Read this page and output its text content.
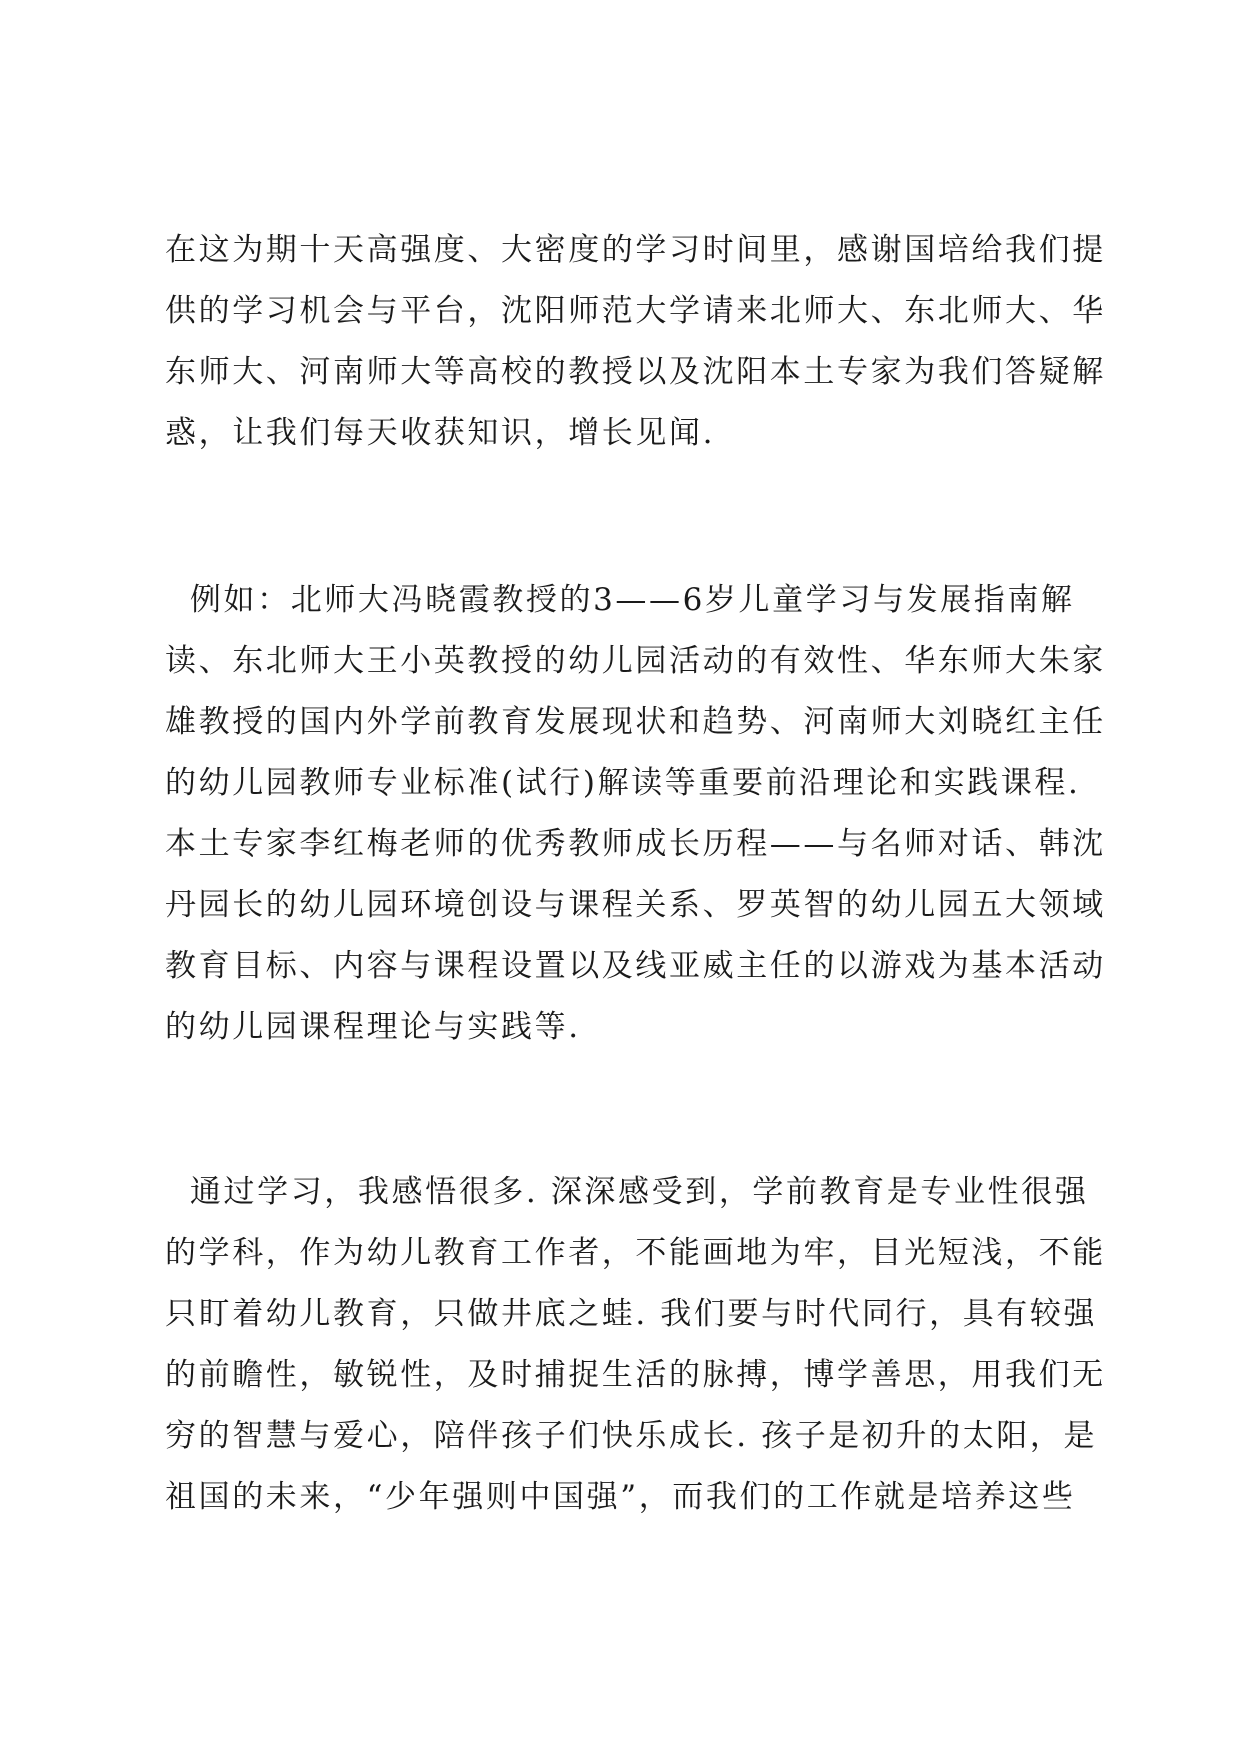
在这为期十天高强度、大密度的学习时间里，感谢国培给我们提
供的学习机会与平台，沈阳师范大学请来北师大、东北师大、华
东师大、河南师大等高校的教授以及沈阳本土专家为我们答疑解
惑，让我们每天收获知识，增长见闻.
例如：北师大冯晓霞教授的3——6岁儿童学习与发展指南解
读、东北师大王小英教授的幼儿园活动的有效性、华东师大朱家
雄教授的国内外学前教育发展现状和趋势、河南师大刘晓红主任
的幼儿园教师专业标准(试行)解读等重要前沿理论和实践课程.
本土专家李红梅老师的优秀教师成长历程——与名师对话、韩沈
丹园长的幼儿园环境创设与课程关系、罗英智的幼儿园五大领域
教育目标、内容与课程设置以及线亚威主任的以游戏为基本活动
的幼儿园课程理论与实践等.
通过学习，我感悟很多. 深深感受到，学前教育是专业性很强
的学科，作为幼儿教育工作者，不能画地为牢，目光短浅，不能
只盯着幼儿教育，只做井底之蛙. 我们要与时代同行，具有较强
的前瞻性，敏锐性，及时捕捉生活的脉搏，博学善思，用我们无
穷的智慧与爱心，陪伴孩子们快乐成长. 孩子是初升的太阳，是
祖国的未来，“少年强则中国强”，而我们的工作就是培养这些
